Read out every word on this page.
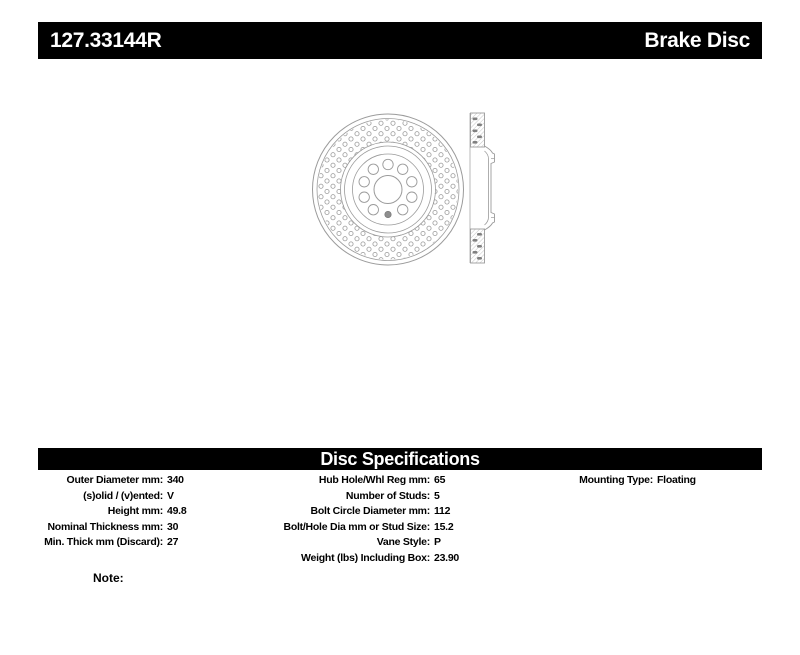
127.33144R	Brake Disc
Disc Specifications
Outer Diameter mm: 340
(s)olid / (v)ented: V
Height mm: 49.8
Nominal Thickness mm: 30
Min. Thick mm (Discard): 27
Hub Hole/Whl Reg mm: 65
Number of Studs: 5
Bolt Circle Diameter mm: 112
Bolt/Hole Dia mm or Stud Size: 15.2
Vane Style: P
Weight (lbs) Including Box: 23.90
Mounting Type: Floating
Note:
